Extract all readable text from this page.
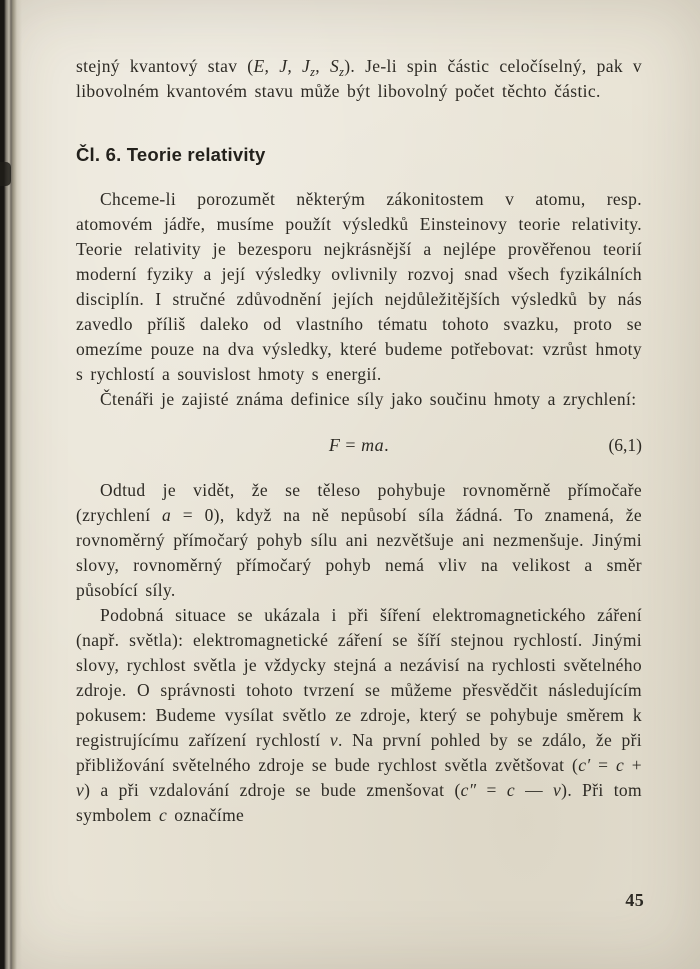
stejný kvantový stav (E, J, $J_z$, $S_z$). Je-li spin částic celočíselný, pak v libovolném kvantovém stavu může být libovolný počet těchto částic.

Čl. 6. Teorie relativity

Chceme-li porozumět některým zákonitostem v atomu, resp. atomovém jádře, musíme použít výsledků Einsteinovy teorie relativity. Teorie relativity je bezesporu nejkrásnější a nejlépe prověřenou teorií moderní fyziky a její výsledky ovlivnily rozvoj snad všech fyzikálních disciplín. I stručné zdůvodnění jejích nejdůležitějších výsledků by nás zavedlo příliš daleko od vlastního tématu tohoto svazku, proto se omezíme pouze na dva výsledky, které budeme potřebovat: vzrůst hmoty s rychlostí a souvislost hmoty s energií.

Čtenáři je zajisté známa definice síly jako součinu hmoty a zrychlení:

F = ma.	(6,1)

Odtud je vidět, že se těleso pohybuje rovnoměrně přímočaře (zrychlení a = 0), když na ně nepůsobí síla žádná. To znamená, že rovnoměrný přímočarý pohyb sílu ani nezvětšuje ani nezmenšuje. Jinými slovy, rovnoměrný přímočarý pohyb nemá vliv na velikost a směr působící síly.

Podobná situace se ukázala i při šíření elektromagnetického záření (např. světla): elektromagnetické záření se šíří stejnou rychlostí. Jinými slovy, rychlost světla je vždycky stejná a nezávisí na rychlosti světelného zdroje. O správnosti tohoto tvrzení se můžeme přesvědčit následujícím pokusem: Budeme vysílat světlo ze zdroje, který se pohybuje směrem k registrujícímu zařízení rychlostí v. Na první pohled by se zdálo, že při přibližování světelného zdroje se bude rychlost světla zvětšovat (c′ = c + v) a při vzdalování zdroje se bude zmenšovat (c″ = c — v). Při tom symbolem c označíme

45
